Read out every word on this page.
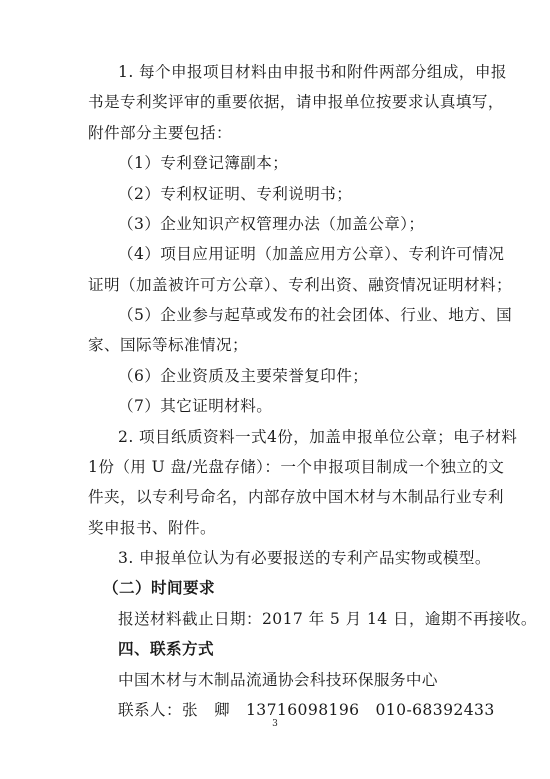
1. 每个申报项目材料由申报书和附件两部分组成，申报
书是专利奖评审的重要依据，请申报单位按要求认真填写，
附件部分主要包括：
（1）专利登记簿副本；
（2）专利权证明、专利说明书；
（3）企业知识产权管理办法（加盖公章）；
（4）项目应用证明（加盖应用方公章）、专利许可情况
证明（加盖被许可方公章）、专利出资、融资情况证明材料；
（5）企业参与起草或发布的社会团体、行业、地方、国
家、国际等标准情况；
（6）企业资质及主要荣誉复印件；
（7）其它证明材料。
2. 项目纸质资料一式4份，加盖申报单位公章；电子材料
1份（用 U 盘/光盘存储）：一个申报项目制成一个独立的文
件夹，以专利号命名，内部存放中国木材与木制品行业专利
奖申报书、附件。
3. 申报单位认为有必要报送的专利产品实物或模型。
（二）时间要求
报送材料截止日期：2017 年 5 月 14 日，逾期不再接收。
四、联系方式
中国木材与木制品流通协会科技环保服务中心
联系人：张　卿　13716098196　010-68392433
3
